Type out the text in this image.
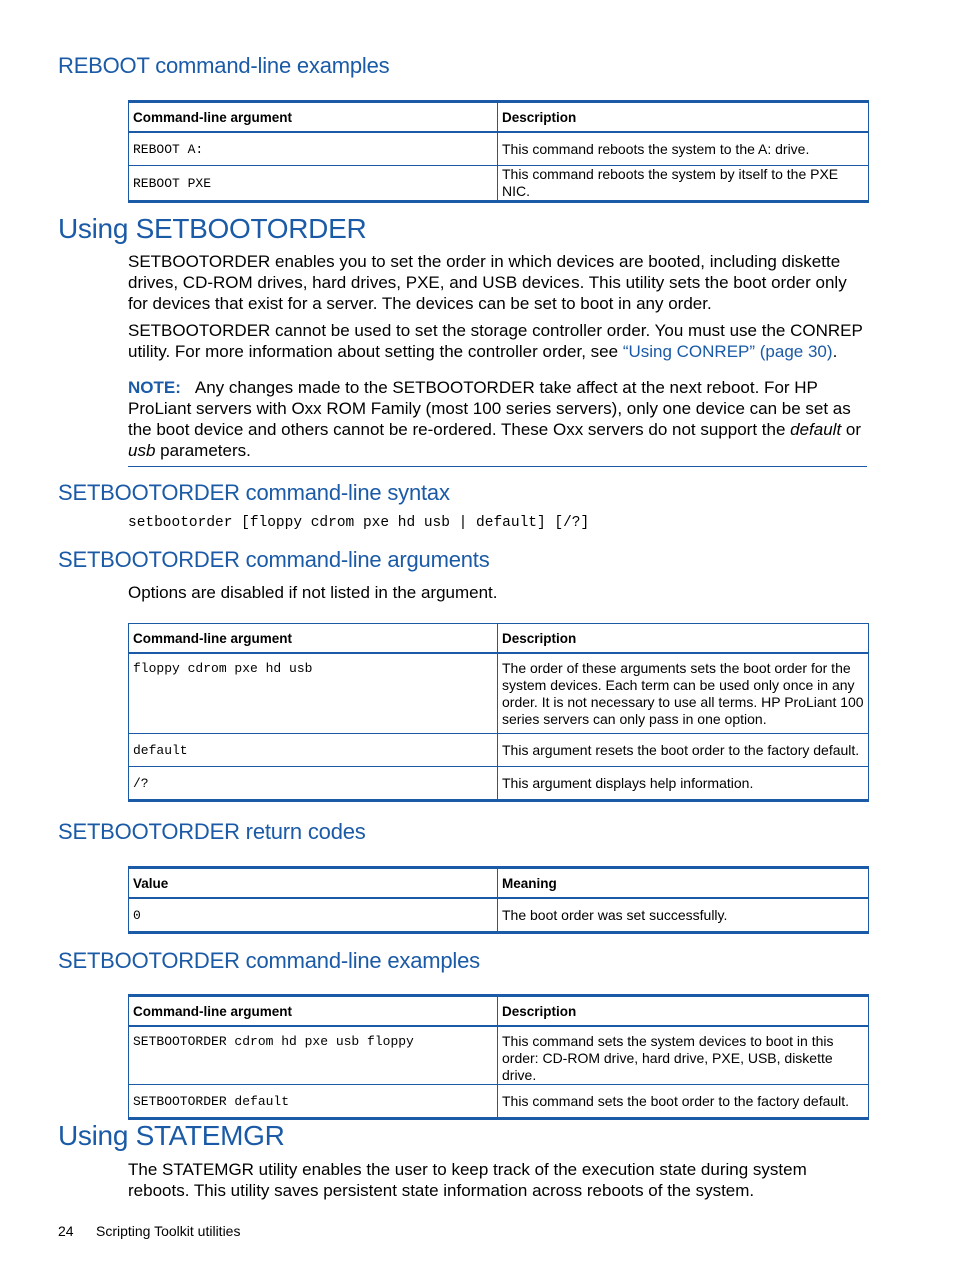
REBOOT command-line examples
Command-line argument	Description
REBOOT A:	This command reboots the system to the A: drive.
REBOOT PXE	This command reboots the system by itself to the PXE NIC.
Using SETBOOTORDER

SETBOOTORDER enables you to set the order in which devices are booted, including diskette drives, CD-ROM drives, hard drives, PXE, and USB devices. This utility sets the boot order only for devices that exist for a server. The devices can be set to boot in any order.

SETBOOTORDER cannot be used to set the storage controller order. You must use the CONREP utility. For more information about setting the controller order, see “Using CONREP” (page 30).

NOTE: Any changes made to the SETBOOTORDER take affect at the next reboot. For HP ProLiant servers with Oxx ROM Family (most 100 series servers), only one device can be set as the boot device and others cannot be re-ordered. These Oxx servers do not support the default or usb parameters.

SETBOOTORDER command-line syntax
setbootorder [floppy cdrom pxe hd usb | default] [/?]
SETBOOTORDER command-line arguments

Options are disabled if not listed in the argument.

Command-line argument	Description
floppy cdrom pxe hd usb	The order of these arguments sets the boot order for the system devices. Each term can be used only once in any order. It is not necessary to use all terms. HP ProLiant 100 series servers can only pass in one option.
default	This argument resets the boot order to the factory default.
/?	This argument displays help information.
SETBOOTORDER return codes
Value	Meaning
0	The boot order was set successfully.
SETBOOTORDER command-line examples
Command-line argument	Description
SETBOOTORDER cdrom hd pxe usb floppy	This command sets the system devices to boot in this order: CD-ROM drive, hard drive, PXE, USB, diskette drive.
SETBOOTORDER default	This command sets the boot order to the factory default.
Using STATEMGR

The STATEMGR utility enables the user to keep track of the execution state during system reboots. This utility saves persistent state information across reboots of the system.

24 Scripting Toolkit utilities
